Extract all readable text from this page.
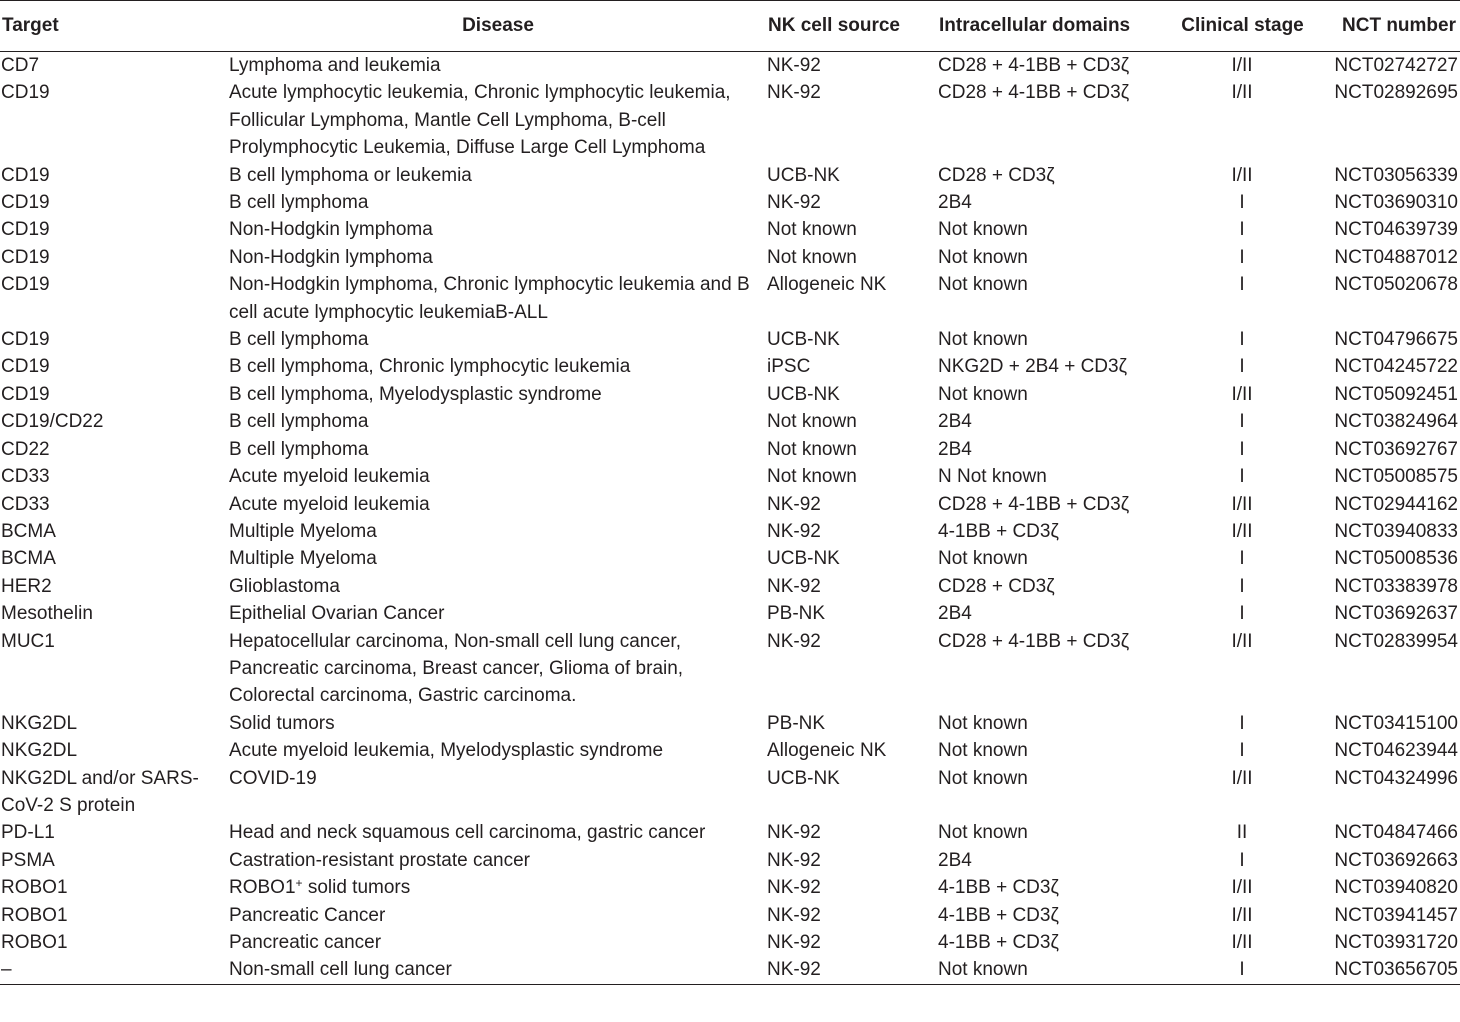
Target	Disease	NK cell source	Intracellular domains	Clinical stage	NCT number
CD7	Lymphoma and leukemia	NK-92	CD28 + 4-1BB + CD3ζ	I/II	NCT02742727
CD19	Acute lymphocytic leukemia, Chronic lymphocytic leukemia, Follicular Lymphoma, Mantle Cell Lymphoma, B-cell Prolymphocytic Leukemia, Diffuse Large Cell Lymphoma	NK-92	CD28 + 4-1BB + CD3ζ	I/II	NCT02892695
CD19	B cell lymphoma or leukemia	UCB-NK	CD28 + CD3ζ	I/II	NCT03056339
CD19	B cell lymphoma	NK-92	2B4	I	NCT03690310
CD19	Non-Hodgkin lymphoma	Not known	Not known	I	NCT04639739
CD19	Non-Hodgkin lymphoma	Not known	Not known	I	NCT04887012
CD19	Non-Hodgkin lymphoma, Chronic lymphocytic leukemia and B cell acute lymphocytic leukemiaB-ALL	Allogeneic NK	Not known	I	NCT05020678
CD19	B cell lymphoma	UCB-NK	Not known	I	NCT04796675
CD19	B cell lymphoma, Chronic lymphocytic leukemia	iPSC	NKG2D + 2B4 + CD3ζ	I	NCT04245722
CD19	B cell lymphoma, Myelodysplastic syndrome	UCB-NK	Not known	I/II	NCT05092451
CD19/CD22	B cell lymphoma	Not known	2B4	I	NCT03824964
CD22	B cell lymphoma	Not known	2B4	I	NCT03692767
CD33	Acute myeloid leukemia	Not known	N Not known	I	NCT05008575
CD33	Acute myeloid leukemia	NK-92	CD28 + 4-1BB + CD3ζ	I/II	NCT02944162
BCMA	Multiple Myeloma	NK-92	4-1BB + CD3ζ	I/II	NCT03940833
BCMA	Multiple Myeloma	UCB-NK	Not known	I	NCT05008536
HER2	Glioblastoma	NK-92	CD28 + CD3ζ	I	NCT03383978
Mesothelin	Epithelial Ovarian Cancer	PB-NK	2B4	I	NCT03692637
MUC1	Hepatocellular carcinoma, Non-small cell lung cancer, Pancreatic carcinoma, Breast cancer, Glioma of brain, Colorectal carcinoma, Gastric carcinoma.	NK-92	CD28 + 4-1BB + CD3ζ	I/II	NCT02839954
NKG2DL	Solid tumors	PB-NK	Not known	I	NCT03415100
NKG2DL	Acute myeloid leukemia, Myelodysplastic syndrome	Allogeneic NK	Not known	I	NCT04623944
NKG2DL and/or SARS-CoV-2 S protein	COVID-19	UCB-NK	Not known	I/II	NCT04324996
PD-L1	Head and neck squamous cell carcinoma, gastric cancer	NK-92	Not known	II	NCT04847466
PSMA	Castration-resistant prostate cancer	NK-92	2B4	I	NCT03692663
ROBO1	ROBO1+ solid tumors	NK-92	4-1BB + CD3ζ	I/II	NCT03940820
ROBO1	Pancreatic Cancer	NK-92	4-1BB + CD3ζ	I/II	NCT03941457
ROBO1	Pancreatic cancer	NK-92	4-1BB + CD3ζ	I/II	NCT03931720
–	Non-small cell lung cancer	NK-92	Not known	I	NCT03656705
